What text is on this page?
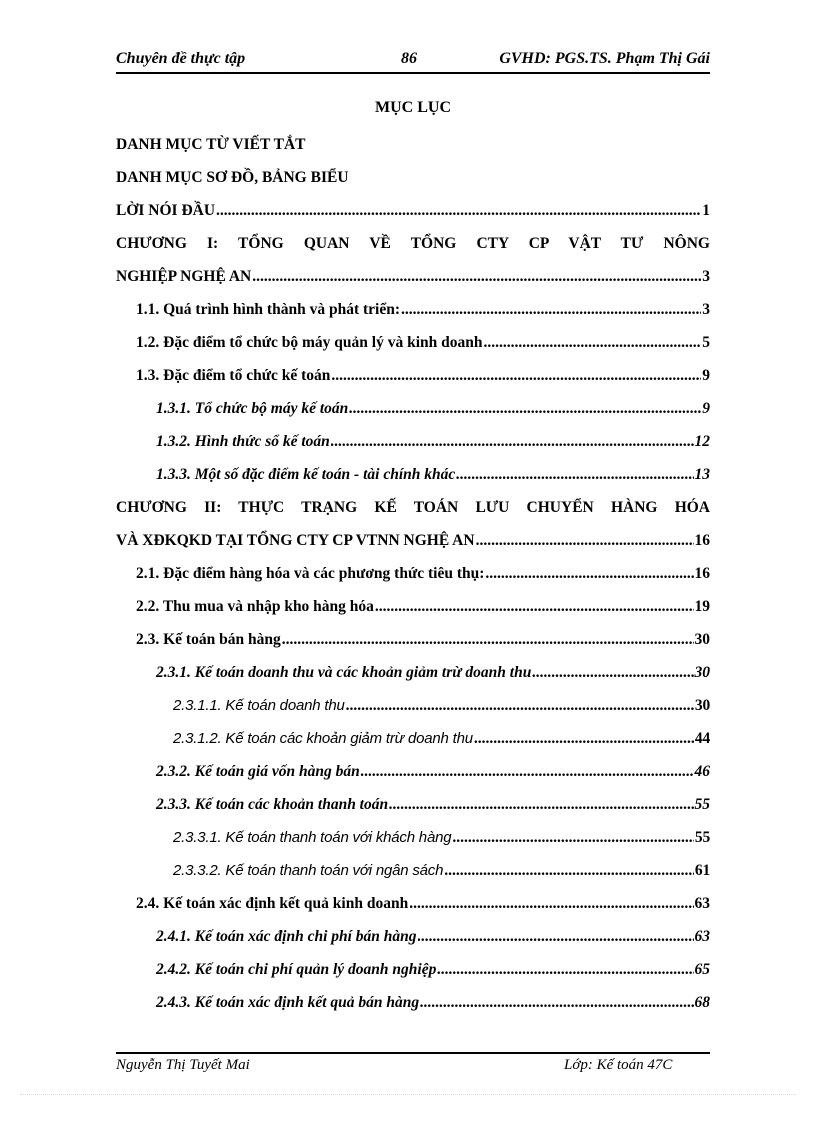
Chuyên đề thực tập	86	GVHD: PGS.TS. Phạm Thị Gái
MỤC LỤC
DANH MỤC TỪ VIẾT TẮT
DANH MỤC SƠ ĐỒ, BẢNG BIỂU
LỜI NÓI ĐẦU .....	1
CHƯƠNG I: TỔNG QUAN VỀ TỔNG CTY CP VẬT TƯ NÔNG
NGHIỆP NGHỆ AN .....	3
1.1. Quá trình hình thành và phát triển: .....	3
1.2. Đặc điểm tổ chức bộ máy quản lý và kinh doanh .....	5
1.3. Đặc điểm tổ chức kế toán .....	9
1.3.1. Tổ chức bộ máy kế toán .....	9
1.3.2. Hình thức sổ kế toán .....	12
1.3.3. Một số đặc điểm kế toán - tài chính khác .....	13
CHƯƠNG II: THỰC TRẠNG KẾ TOÁN LƯU CHUYỂN HÀNG HÓA
VÀ XĐKQKD TẠI TỔNG CTY CP VTNN NGHỆ AN .....	16
2.1. Đặc điểm hàng hóa và các phương thức tiêu thụ: .....	16
2.2. Thu mua và nhập kho hàng hóa .....	19
2.3. Kế toán bán hàng .....	30
2.3.1. Kế toán doanh thu và các khoản giảm trừ doanh thu .....	30
2.3.1.1. Kế toán doanh thu .....	30
2.3.1.2. Kế toán các khoản giảm trừ doanh thu .....	44
2.3.2. Kế toán giá vốn hàng bán .....	46
2.3.3. Kế toán các khoản thanh toán .....	55
2.3.3.1. Kế toán thanh toán với khách hàng .....	55
2.3.3.2. Kế toán thanh toán với ngân sách .....	61
2.4. Kế toán xác định kết quả kinh doanh .....	63
2.4.1. Kế toán xác định chi phí bán hàng .....	63
2.4.2. Kế toán chi phí quản lý doanh nghiệp .....	65
2.4.3. Kế toán xác định kết quả bán hàng .....	68
Nguyễn Thị Tuyết Mai	Lớp: Kế toán 47C
